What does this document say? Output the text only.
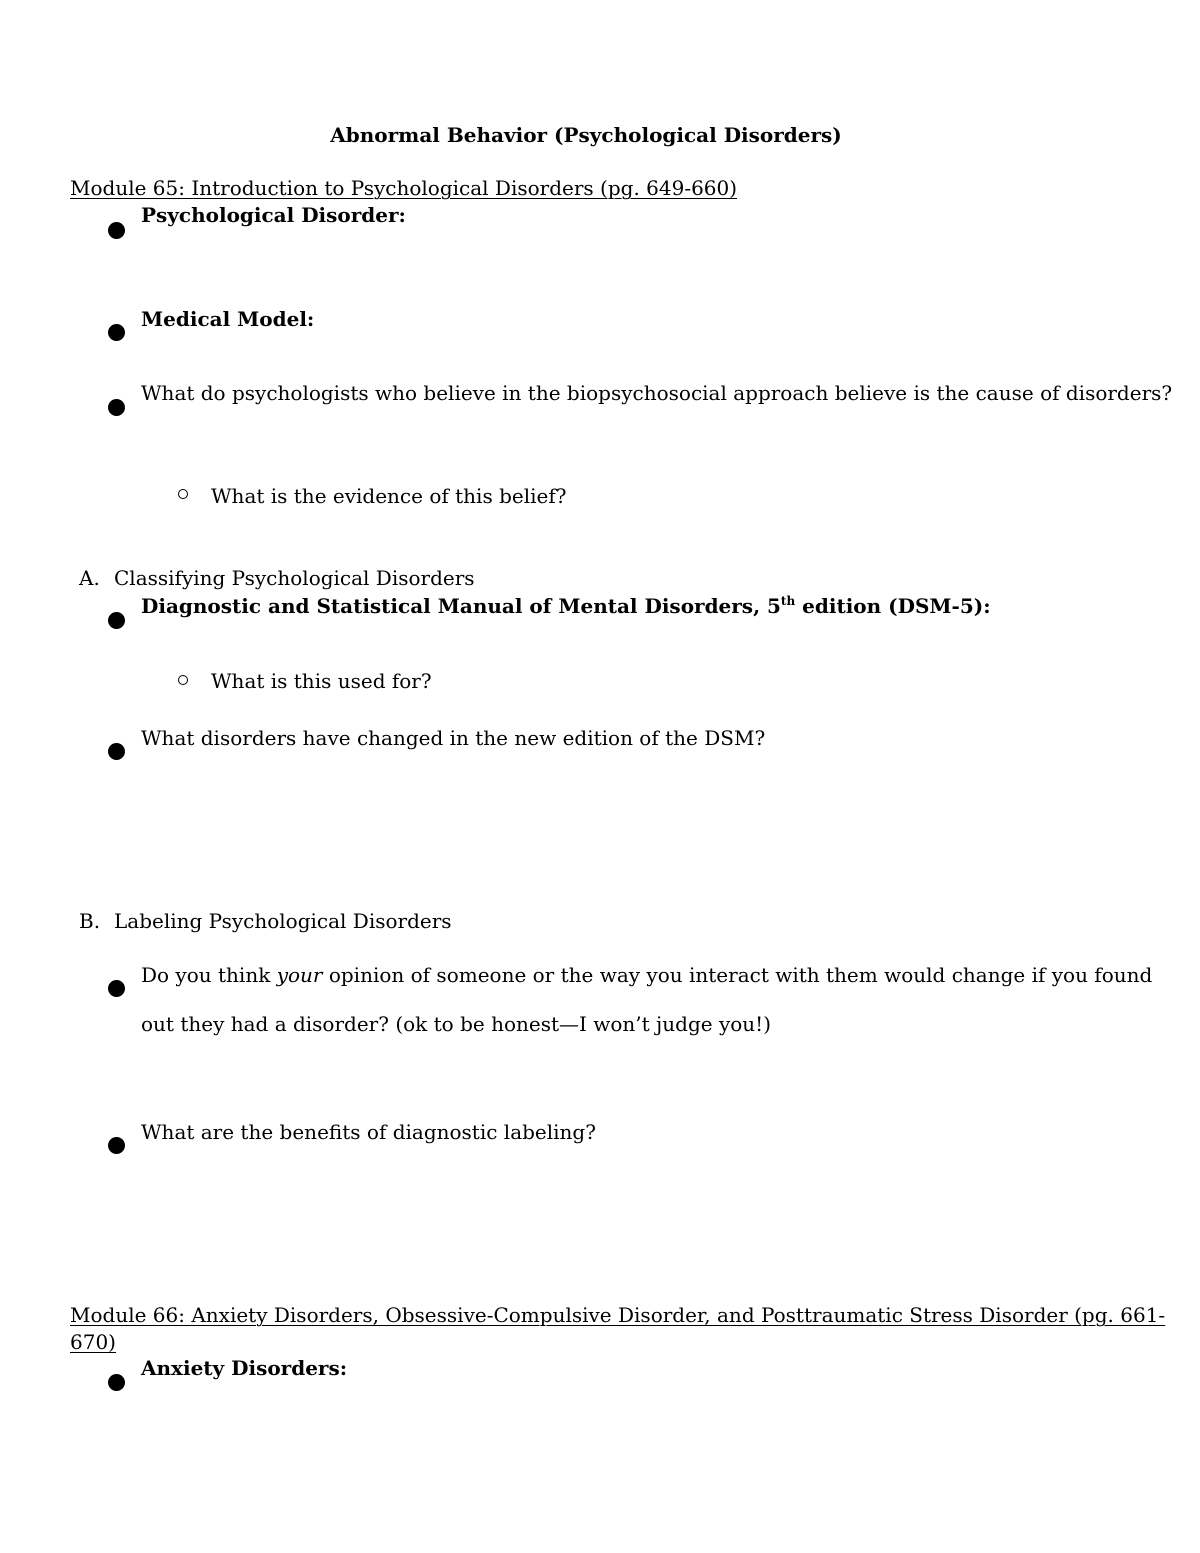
Abnormal Behavior (Psychological Disorders)
Module 65: Introduction to Psychological Disorders (pg. 649-660)
Psychological Disorder:
Medical Model:
What do psychologists who believe in the biopsychosocial approach believe is the cause of disorders?
What is the evidence of this belief?
A. Classifying Psychological Disorders
Diagnostic and Statistical Manual of Mental Disorders, 5th edition (DSM-5):
What is this used for?
What disorders have changed in the new edition of the DSM?
B. Labeling Psychological Disorders
Do you think your opinion of someone or the way you interact with them would change if you found
out they had a disorder? (ok to be honest—I won’t judge you!)
What are the benefits of diagnostic labeling?
Module 66: Anxiety Disorders, Obsessive-Compulsive Disorder, and Posttraumatic Stress Disorder (pg. 661-
670)
Anxiety Disorders:
